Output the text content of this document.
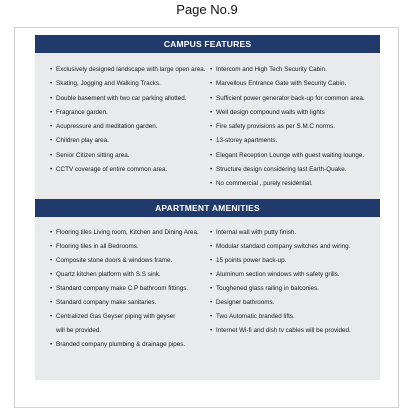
Page No.9
CAMPUS FEATURES
• Exclusively designed landscape with large open area.
• Skating, Jogging and Walking Tracks.
• Double basement with two car parking allotted.
• Fragrance garden.
• Acupressure and meditation garden.
• Children play area.
• Senior Citizen sitting area.
• CCTV coverage of entire common area.
• Intercom and High Tech Security Cabin.
• Marvellous Entrance Gate with Security Cabin.
• Sufficient power generator back-up for common area.
• Well design compound walls with lights
• Fire safety provisions as per S.M.C norms.
• 13-storey apartments.
• Elegant Reception Lounge with guest waiting lounge.
• Structure design considering last Earth-Quake.
• No commercial , purely residential.
APARTMENT AMENITIES
• Flooring tiles Living room, Kitchen and Dining Area.
• Flooring tiles in all Bedrooms.
• Composite stone doors & windows frame.
• Quartz kitchen platform with S.S sink.
• Standard company make C.P bathroom fittings.
• Standard company make sanitaries.
• Centralized Gas Geyser piping with geyser
will be provided.
• Branded company plumbing & drainage pipes.
• Internal wall with putty finish.
• Modular standard company switches and wiring.
• 15 points power back-up.
• Aluminum section windows with safety grills.
• Toughened glass railing in balconies.
• Designer bathrooms.
• Two Automatic branded lifts.
• Internet Wi-fi and dish tv cables will be provided.
